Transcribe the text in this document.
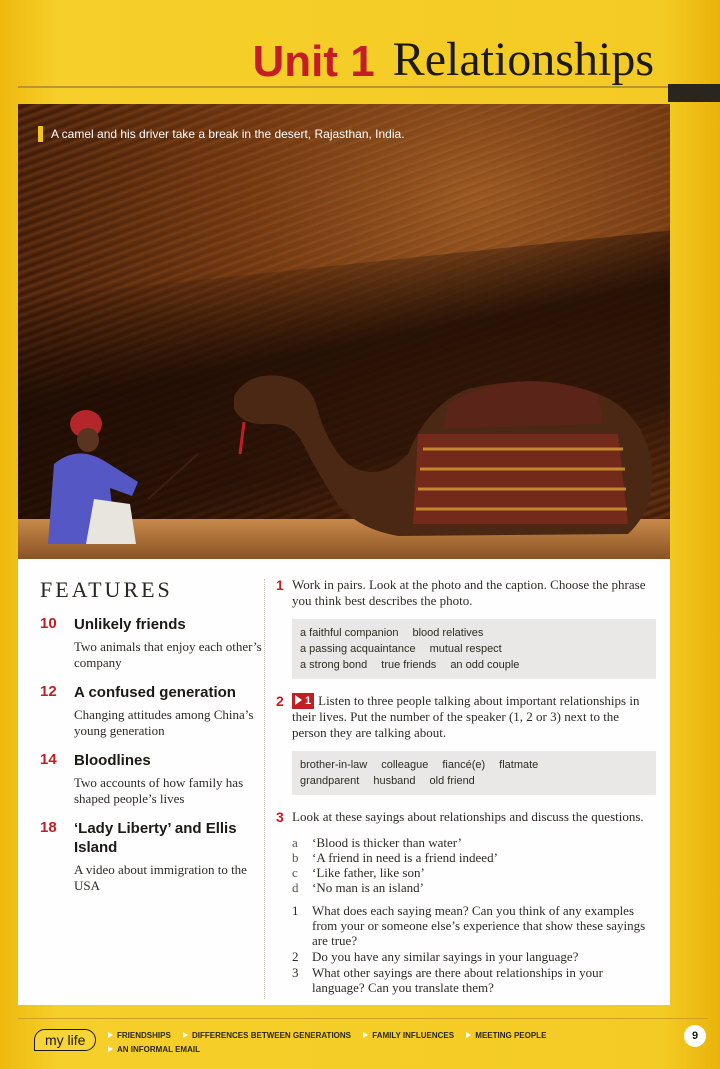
Unit 1 Relationships
A camel and his driver take a break in the desert, Rajasthan, India.
FEATURES
10	Unlikely friends
Two animals that enjoy each other’s company
12	A confused generation
Changing attitudes among China’s young generation
14	Bloodlines
Two accounts of how family has shaped people’s lives
18	‘Lady Liberty’ and Ellis Island
A video about immigration to the USA
1 Work in pairs. Look at the photo and the caption. Choose the phrase you think best describes the photo.
a faithful companion blood relatives
a passing acquaintance mutual respect
a strong bond true friends an odd couple
2	1 Listen to three people talking about important relationships in their lives. Put the number of the speaker (1, 2 or 3) next to the person they are talking about.
brother-in-law colleague fiancé(e) flatmate
grandparent husband old friend
3 Look at these sayings about relationships and discuss the questions.
a	‘Blood is thicker than water’
b	‘A friend in need is a friend indeed’
c	‘Like father, like son’
d	‘No man is an island’
1	What does each saying mean? Can you think of any examples from your or someone else’s experience that show these sayings are true?
2	Do you have any similar sayings in your language?
3	What other sayings are there about relationships in your language? Can you translate them?
my life	FRIENDSHIPS	DIFFERENCES BETWEEN GENERATIONS	FAMILY INFLUENCES	MEETING PEOPLE
AN INFORMAL EMAIL
9
